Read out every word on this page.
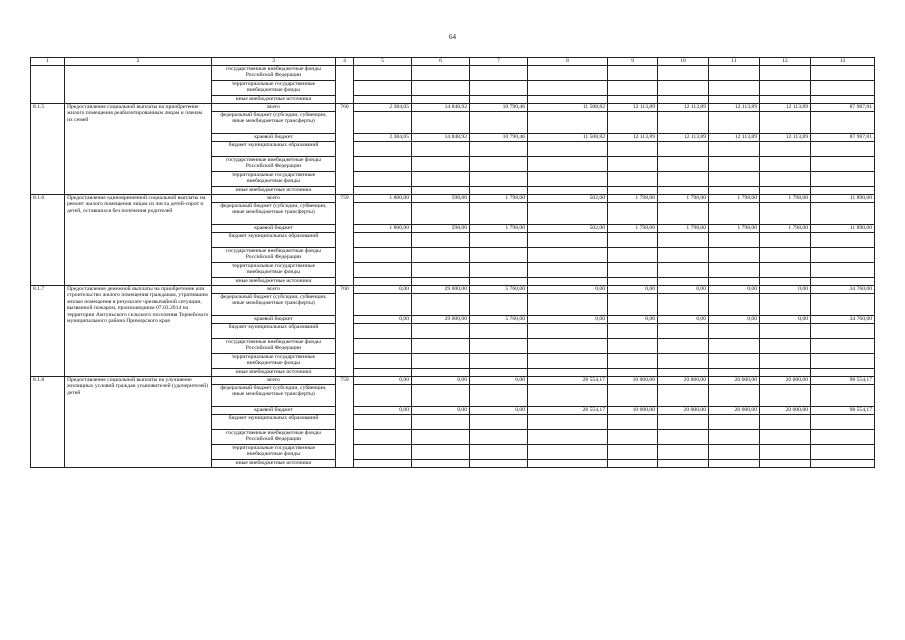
64
1	2	3	4	5	6	7	8	9	10	11	12	13
		государственные внебюджетные фонды Российской Федерации										
		территориальные государственные внебюджетные фонды										
		иные внебюджетные источники										
8.1.5	Предоставление социальной выплаты на приобретение жилого помещения реабилитированным лицам и членам их семей	всего	760	2 384,05	14 848,92	10 790,46	11 508,82	12 113,89	12 113,89	12 113,89	12 113,89	87 987,81
		федеральный бюджет (субсидии, субвенции, иные межбюджетные трансферты)										
		краевой бюджет		2 384,05	14 848,92	10 790,46	11 508,82	12 113,89	12 113,89	12 113,89	12 113,89	87 987,81
		бюджет муниципальных образований										
		государственные внебюджетные фонды Российской Федерации										
		территориальные государственные внебюджетные фонды										
		иные внебюджетные источники										
8.1.6	Предоставление единовременной социальной выплаты на ремонт жилого помещения лицам из числа детей-сирот и детей, оставшихся без попечения родителей	всего	759	1 800,00	598,00	1 798,00	502,00	1 798,00	1 798,00	1 798,00	1 798,00	11 890,00
		федеральный бюджет (субсидии, субвенции, иные межбюджетные трансферты)										
		краевой бюджет		1 800,00	598,00	1 798,00	502,00	1 798,00	1 798,00	1 798,00	1 798,00	11 890,00
		бюджет муниципальных образований										
		государственные внебюджетные фонды Российской Федерации										
		территориальные государственные внебюджетные фонды										
		иные внебюджетные источники										
8.1.7	Предоставление денежной выплаты на приобретение или строительство жилого помещения гражданам, утратившим жилые помещения в результате чрезвычайной ситуации, вызванной пожаром, произошедшим 07.03.2014 на территории Амгуньского сельского поселения Тернейского муниципального района Приморского края	всего	760	0,00	29 000,00	5 760,00	0,00	0,00	0,00	0,00	0,00	34 760,00
		федеральный бюджет (субсидии, субвенции, иные межбюджетные трансферты)										
		краевой бюджет		0,00	29 000,00	5 760,00	0,00	0,00	0,00	0,00	0,00	34 760,00
		бюджет муниципальных образований										
		государственные внебюджетные фонды Российской Федерации										
		территориальные государственные внебюджетные фонды										
		иные внебюджетные источники										
8.1.8	Предоставление социальной выплаты на улучшение жилищных условий граждан усыновителей (удочерителей) детей	всего	759	0,00	0,00	0,00	28 554,17	10 000,00	20 000,00	20 000,00	20 000,00	98 554,17
		федеральный бюджет (субсидии, субвенции, иные межбюджетные трансферты)										
		краевой бюджет		0,00	0,00	0,00	28 554,17	10 000,00	20 000,00	20 000,00	20 000,00	98 554,17
		бюджет муниципальных образований										
		государственные внебюджетные фонды Российской Федерации										
		территориальные государственные внебюджетные фонды										
		иные внебюджетные источники										
